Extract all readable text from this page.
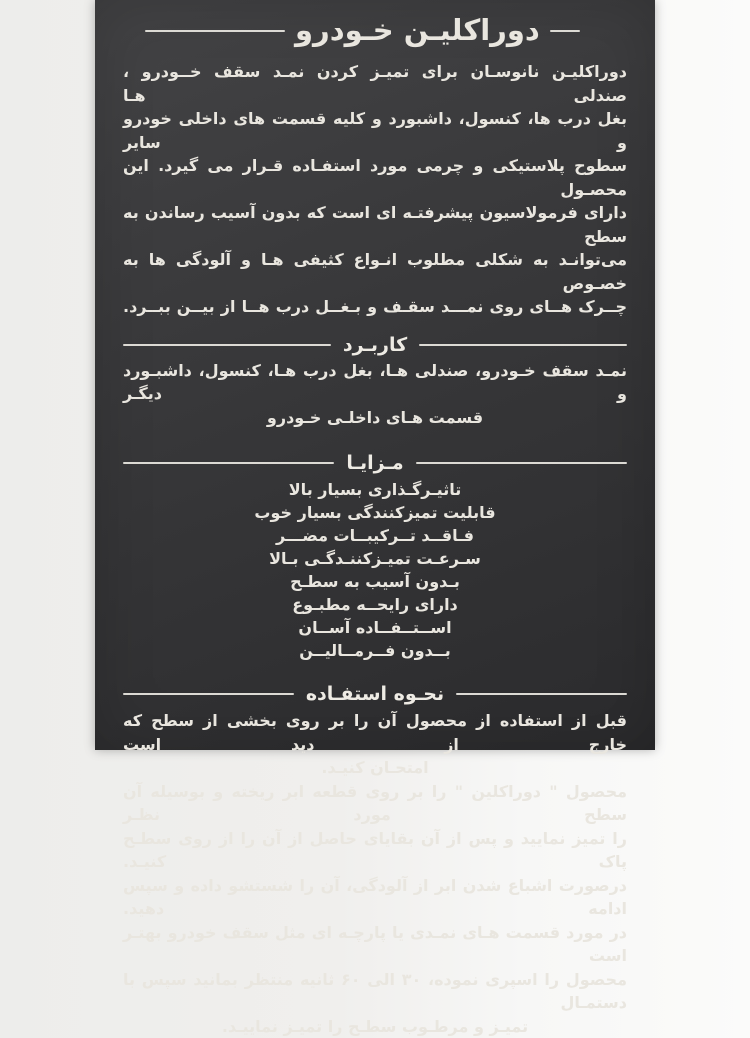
دوراکلیـن خـودرو
دوراکلیـن نانوسـان برای تمیـز کردن نمـد سقف خــودرو ، صندلی هـا
بغل درب ها، کنسول، داشبورد و کلیه قسمت های داخلی خودرو و سایر
سطوح پلاستیکی و چرمی مورد استفـاده قـرار می گیرد. این محصـول
دارای فرمولاسیون پیشرفتـه ای است که بدون آسیب رساندن به سطح
می‌توانـد به شکلی مطلوب انـواع کثیفی هـا و آلودگی ها به خصـوص
چــرک هــای روی نمـــد سقـف و بـغــل درب هــا از بیــن ببــرد.
کاربـرد
نمـد سقف خـودرو، صندلی هـا، بغل درب هـا، کنسول، داشبـورد و دیگـر
قسمت هـای داخلـی خـودرو
مـزایـا
تاثیـرگـذاری بسیار بالا
قابلیت تمیزکنندگی بسیار خوب
فـاقــد تــرکیبــات مضـــر
سـرعـت تمیـزکننـدگـی بـالا
بـدون آسیب به سطـح
دارای رایحــه مطبـوع
اســتــفــاده آســان
بــدون فــرمــالیــن
نحـوه استفـاده
قبل از استفاده از محصول آن را بر روی بخشی از سطح که خارج از دید است
امتحـان کنیـد.
محصول " دوراکلین " را بر روی قطعه ابر ریخته و بوسیله آن سطح مورد نظـر
را تمیز نمایید و پس از آن بقایای حاصل از آن را از روی سطـح پاک کنیـد.
درصورت اشباع شدن ابر از آلودگی، آن را شستشو داده و سپس ادامه دهید.
در مورد قسمت هـای نمـدی یا پارچـه ای مثل سقف خودرو بهتـر است
محصول را اسپری نموده، ۳۰ الی ۶۰ ثانیه منتظر بمانید سپس با دستمـال
تمیـز و مرطـوب سطـح را تمیـز نماییـد.
